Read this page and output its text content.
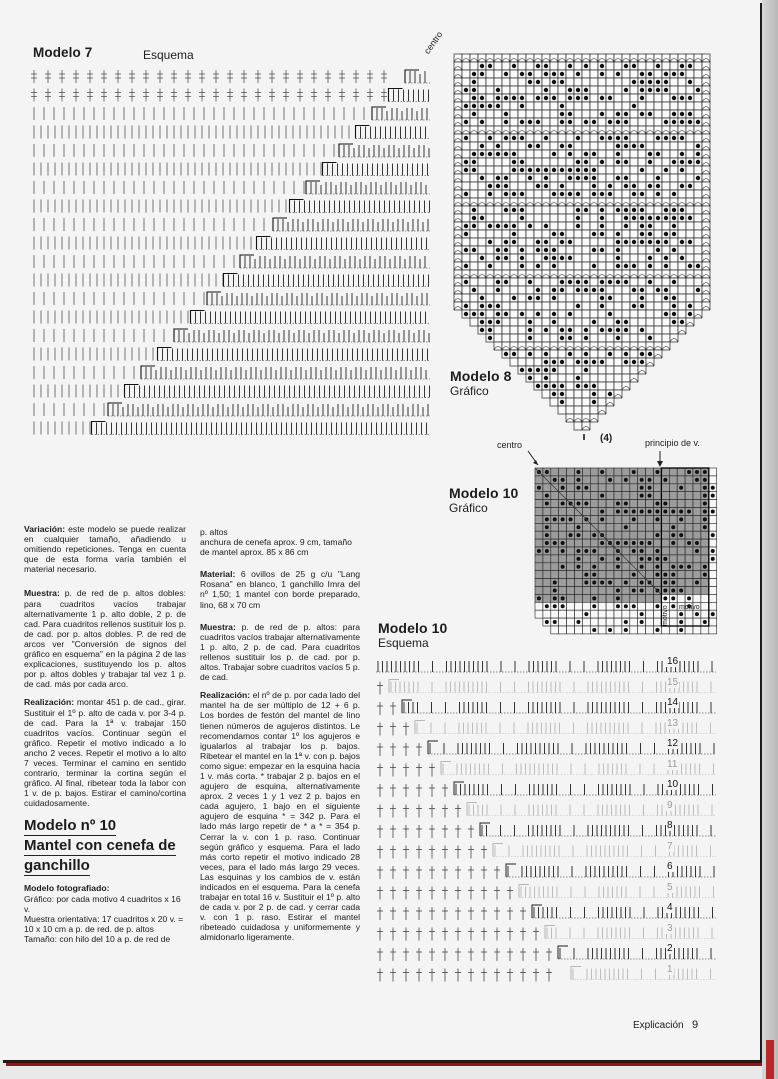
Modelo 7	Esquema	centro
Modelo 8
Gráfico
(4)
centro	principio de v.
Modelo 10
Gráfico
motivo
motivo
Modelo 10
Esquema
16
15
14
13
12
11
10
9
8
7
6
5
4
3
2
1

Variación: este modelo se puede realizar en cualquier tamaño, añadiendo u omitiendo repeticiones. Tenga en cuenta que de esta forma varía también el material necesario.

Muestra: p. de red de p. altos dobles: para cuadritos vacíos trabajar alternativamente 1 p. alto doble, 2 p. de cad. Para cuadritos rellenos sustituir los p. de cad. por p. altos dobles. P. de red de arcos ver "Conversión de signos del gráfico en esquema" en la página 2 de las explicaciones, sustituyendo los p. altos por p. altos dobles y trabajar tal vez 1 p. de cad. más por cada arco.

Realización: montar 451 p. de cad., girar. Sustituir el 1º p. alto de cada v. por 3-4 p. de cad. Para la 1ª v. trabajar 150 cuadritos vacíos. Continuar según el gráfico. Repetir el motivo indicado a lo ancho 2 veces. Repetir el motivo a lo alto 7 veces. Terminar el camino en sentido contrario, terminar la cortina según el gráfico. Al final, ribetear toda la labor con 1 v. de p. bajos. Estirar el camino/cortina cuidadosamente.

Modelo nº 10
Mantel con cenefa de
ganchillo
Modelo fotografiado:
Gráfico: por cada motivo 4 cuadritos x 16 v.
Muestra orientativa: 17 cuadritos x 20 v. = 10 x 10 cm a p. de red. de p. altos
Tamaño: con hilo del 10 a p. de red de
p. altos
anchura de cenefa aprox. 9 cm, tamaño de mantel aprox. 85 x 86 cm

Material: 6 ovillos de 25 g c/u "Lang Rosana" en blanco, 1 ganchillo Imra del nº 1,50; 1 mantel con borde preparado, lino, 68 x 70 cm

Muestra: p. de red de p. altos: para cuadritos vacíos trabajar alternativamente 1 p. alto, 2 p. de cad. Para cuadritos rellenos sustituir los p. de cad. por p. altos. Trabajar sobre cuadritos vacíos 5 p. de cad.

Realización: el nº de p. por cada lado del mantel ha de ser múltiplo de 12 + 6 p. Los bordes de festón del mantel de lino tienen números de agujeros distintos. Le recomendamos contar 1º los agujeros e igualarlos al trabajar los p. bajos. Ribetear el mantel en la 1ª v. con p. bajos como sigue: empezar en la esquina hacia 1 v. más corta. * trabajar 2 p. bajos en el agujero de esquina, alternativamente aprox. 2 veces 1 y 1 vez 2 p. bajos en cada agujero, 1 bajo en el siguiente agujero de esquina * = 342 p. Para el lado más largo repetir de * a * = 354 p. Cerrar la v. con 1 p. raso. Continuar según gráfico y esquema. Para el lado más corto repetir el motivo indicado 28 veces, para el lado más largo 29 veces. Las esquinas y los cambios de v. están indicados en el esquema. Para la cenefa trabajar en total 16 v. Sustituir el 1º p. alto de cada v. por 2 p. de cad. y cerrar cada v. con 1 p. raso. Estirar el mantel ribeteado cuidadosa y uniformemente y almidonarlo ligeramente.

Explicación 9
